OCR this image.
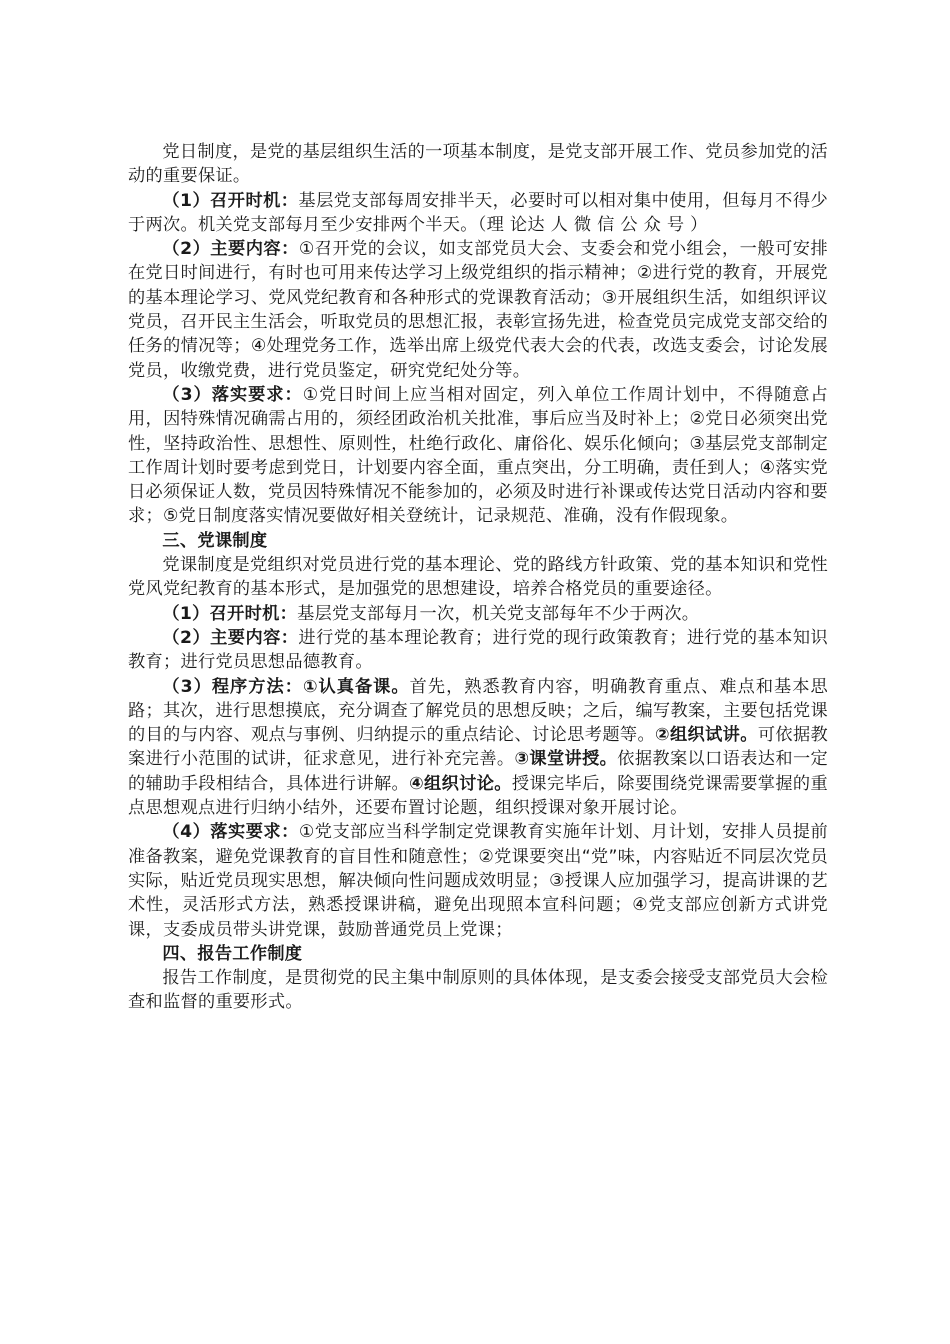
党日制度，是党的基层组织生活的一项基本制度，是党支部开展工作、党员参加党的活动的重要保证。

（1）召开时机：基层党支部每周安排半天，必要时可以相对集中使用，但每月不得少于两次。机关党支部每月至少安排两个半天。（理 论达 人 微 信 公 众 号 ）

（2）主要内容：①召开党的会议，如支部党员大会、支委会和党小组会，一般可安排在党日时间进行，有时也可用来传达学习上级党组织的指示精神；②进行党的教育，开展党的基本理论学习、党风党纪教育和各种形式的党课教育活动；③开展组织生活，如组织评议党员，召开民主生活会，听取党员的思想汇报，表彰宣扬先进，检查党员完成党支部交给的任务的情况等；④处理党务工作，选举出席上级党代表大会的代表，改选支委会，讨论发展党员，收缴党费，进行党员鉴定，研究党纪处分等。

（3）落实要求：①党日时间上应当相对固定，列入单位工作周计划中，不得随意占用，因特殊情况确需占用的，须经团政治机关批准，事后应当及时补上；②党日必须突出党性，坚持政治性、思想性、原则性，杜绝行政化、庸俗化、娱乐化倾向；③基层党支部制定工作周计划时要考虑到党日，计划要内容全面，重点突出，分工明确，责任到人；④落实党日必须保证人数，党员因特殊情况不能参加的，必须及时进行补课或传达党日活动内容和要求；⑤党日制度落实情况要做好相关登统计，记录规范、准确，没有作假现象。

三、党课制度

党课制度是党组织对党员进行党的基本理论、党的路线方针政策、党的基本知识和党性党风党纪教育的基本形式，是加强党的思想建设，培养合格党员的重要途径。

（1）召开时机：基层党支部每月一次，机关党支部每年不少于两次。

（2）主要内容：进行党的基本理论教育；进行党的现行政策教育；进行党的基本知识教育；进行党员思想品德教育。

（3）程序方法：①认真备课。首先，熟悉教育内容，明确教育重点、难点和基本思路；其次，进行思想摸底，充分调查了解党员的思想反映；之后，编写教案，主要包括党课的目的与内容、观点与事例、归纳提示的重点结论、讨论思考题等。②组织试讲。可依据教案进行小范围的试讲，征求意见，进行补充完善。③课堂讲授。依据教案以口语表达和一定的辅助手段相结合，具体进行讲解。④组织讨论。授课完毕后，除要围绕党课需要掌握的重点思想观点进行归纳小结外，还要布置讨论题，组织授课对象开展讨论。

（4）落实要求：①党支部应当科学制定党课教育实施年计划、月计划，安排人员提前准备教案，避免党课教育的盲目性和随意性；②党课要突出“党”味，内容贴近不同层次党员实际，贴近党员现实思想，解决倾向性问题成效明显；③授课人应加强学习，提高讲课的艺术性，灵活形式方法，熟悉授课讲稿，避免出现照本宣科问题；④党支部应创新方式讲党课，支委成员带头讲党课，鼓励普通党员上党课；

四、报告工作制度

报告工作制度，是贯彻党的民主集中制原则的具体体现，是支委会接受支部党员大会检查和监督的重要形式。
